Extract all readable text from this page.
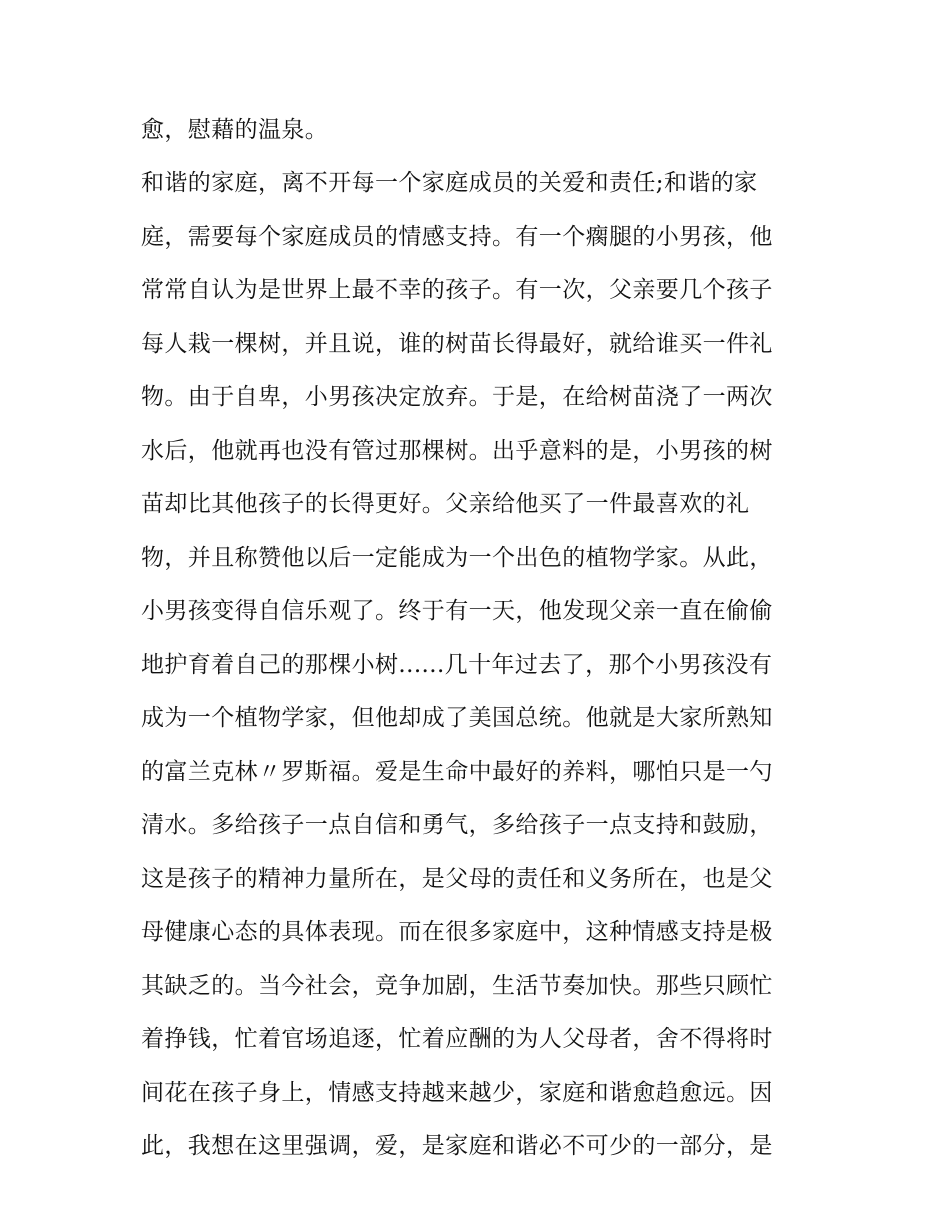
愈，慰藉的温泉。
和谐的家庭，离不开每一个家庭成员的关爱和责任;和谐的家
庭，需要每个家庭成员的情感支持。有一个瘸腿的小男孩，他
常常自认为是世界上最不幸的孩子。有一次，父亲要几个孩子
每人栽一棵树，并且说，谁的树苗长得最好，就给谁买一件礼
物。由于自卑，小男孩决定放弃。于是，在给树苗浇了一两次
水后，他就再也没有管过那棵树。出乎意料的是，小男孩的树
苗却比其他孩子的长得更好。父亲给他买了一件最喜欢的礼
物，并且称赞他以后一定能成为一个出色的植物学家。从此，
小男孩变得自信乐观了。终于有一天，他发现父亲一直在偷偷
地护育着自己的那棵小树......几十年过去了，那个小男孩没有
成为一个植物学家，但他却成了美国总统。他就是大家所熟知
的富兰克林〃罗斯福。爱是生命中最好的养料，哪怕只是一勺
清水。多给孩子一点自信和勇气，多给孩子一点支持和鼓励，
这是孩子的精神力量所在，是父母的责任和义务所在，也是父
母健康心态的具体表现。而在很多家庭中，这种情感支持是极
其缺乏的。当今社会，竞争加剧，生活节奏加快。那些只顾忙
着挣钱，忙着官场追逐，忙着应酬的为人父母者，舍不得将时
间花在孩子身上，情感支持越来越少，家庭和谐愈趋愈远。因
此，我想在这里强调，爱，是家庭和谐必不可少的一部分，是
